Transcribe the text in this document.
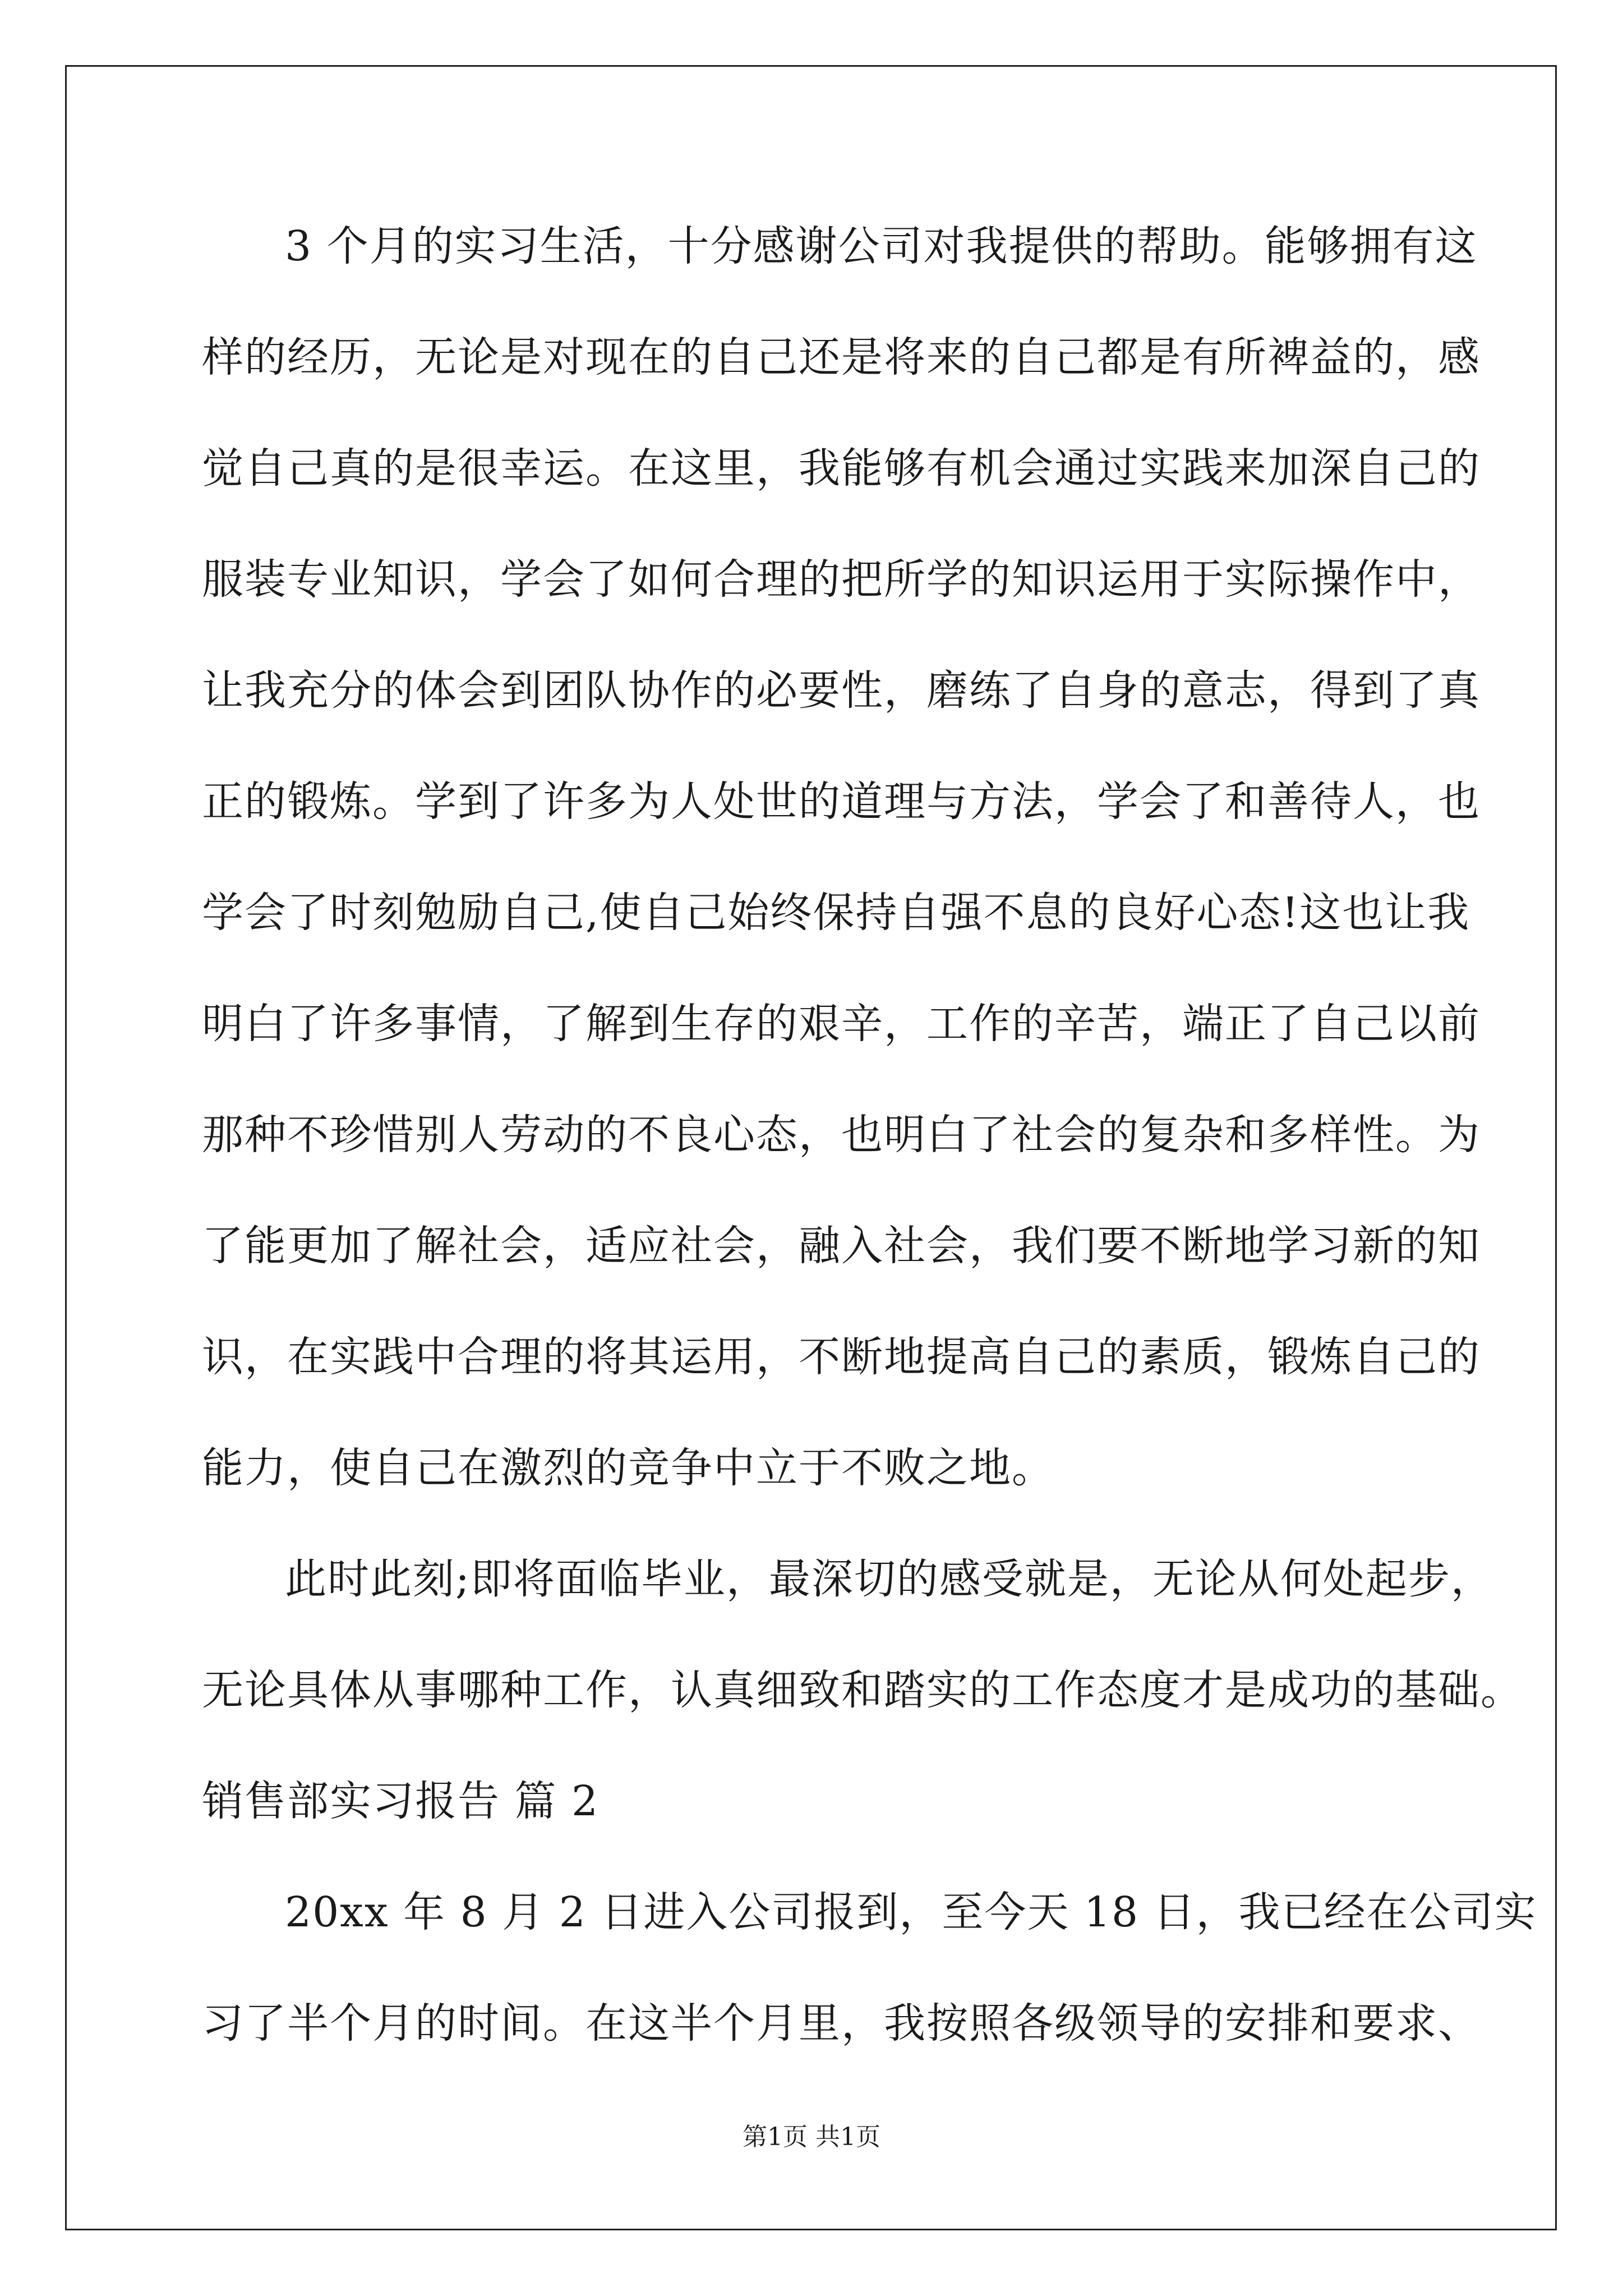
3 个月的实习生活，十分感谢公司对我提供的帮助。能够拥有这
样的经历，无论是对现在的自己还是将来的自己都是有所裨益的，感
觉自己真的是很幸运。在这里，我能够有机会通过实践来加深自己的
服装专业知识，学会了如何合理的把所学的知识运用于实际操作中，
让我充分的体会到团队协作的必要性，磨练了自身的意志，得到了真
正的锻炼。学到了许多为人处世的道理与方法，学会了和善待人，也
学会了时刻勉励自己,使自己始终保持自强不息的良好心态!这也让我
明白了许多事情，了解到生存的艰辛，工作的辛苦，端正了自己以前
那种不珍惜别人劳动的不良心态，也明白了社会的复杂和多样性。为
了能更加了解社会，适应社会，融入社会，我们要不断地学习新的知
识，在实践中合理的将其运用，不断地提高自己的素质，锻炼自己的
能力，使自己在激烈的竞争中立于不败之地。
此时此刻;即将面临毕业，最深切的感受就是，无论从何处起步，
无论具体从事哪种工作，认真细致和踏实的工作态度才是成功的基础。
销售部实习报告 篇 2
20xx 年 8 月 2 日进入公司报到，至今天 18 日，我已经在公司实
习了半个月的时间。在这半个月里，我按照各级领导的安排和要求、
第1页 共1页
